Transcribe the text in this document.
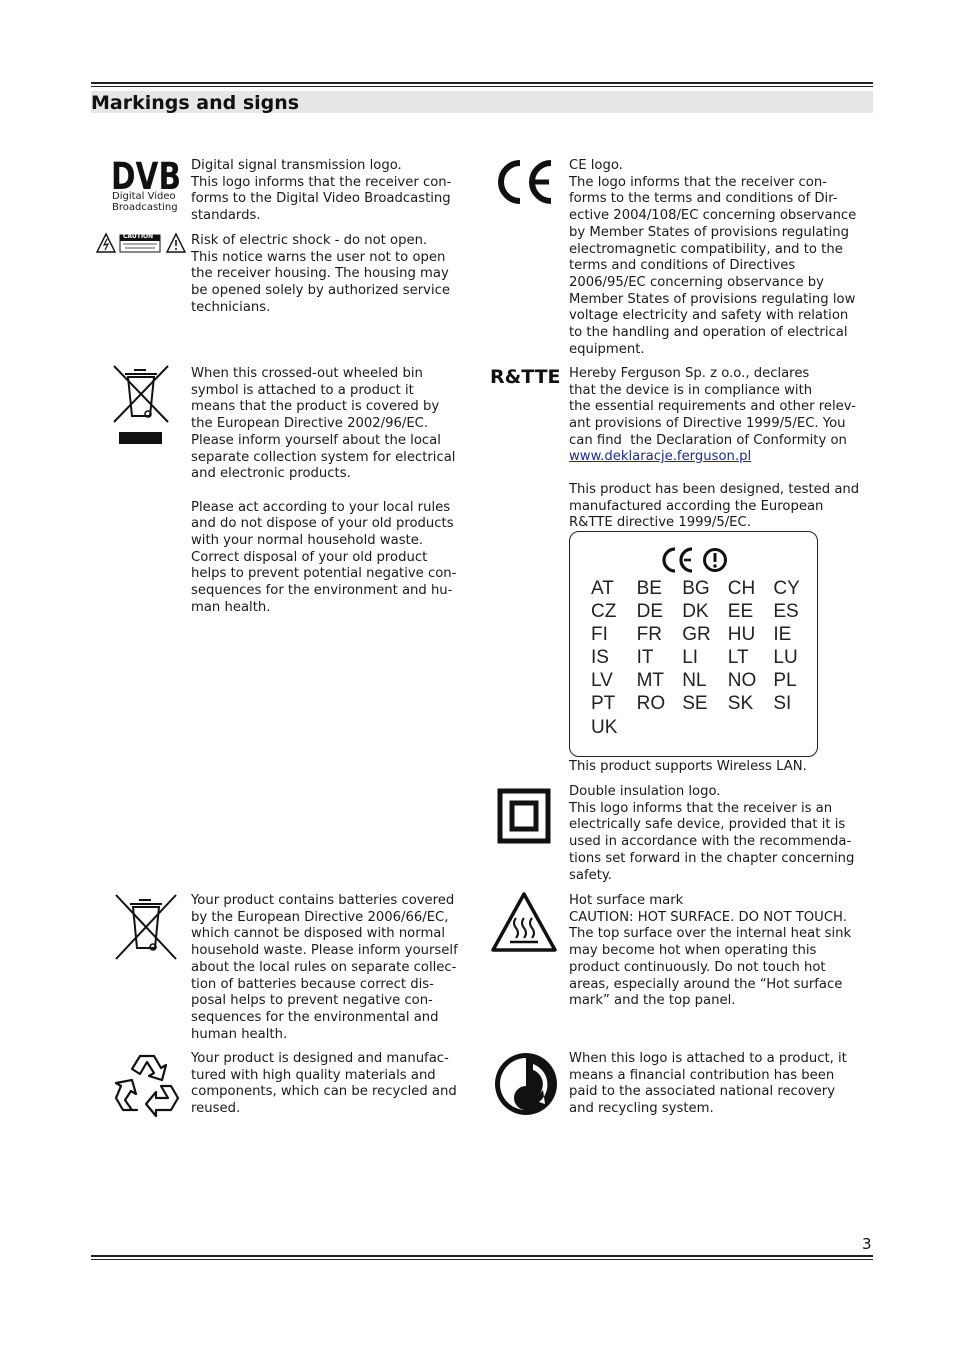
Markings and signs
DVB
Digital Video
Broadcasting
Digital signal transmission logo.
This logo informs that the receiver con-
forms to the Digital Video Broadcasting
standards.
CAUTION	Risk of electric shock - do not open.
This notice warns the user not to open
the receiver housing. The housing may
be opened solely by authorized service
technicians.
When this crossed-out wheeled bin
symbol is attached to a product it
means that the product is covered by
the European Directive 2002/96/EC.
Please inform yourself about the local
separate collection system for electrical
and electronic products.

Please act according to your local rules
and do not dispose of your old products
with your normal household waste.
Correct disposal of your old product
helps to prevent potential negative con-
sequences for the environment and hu-
man health.
Your product contains batteries covered
by the European Directive 2006/66/EC,
which cannot be disposed with normal
household waste. Please inform yourself
about the local rules on separate collec-
tion of batteries because correct dis-
posal helps to prevent negative con-
sequences for the environmental and
human health.
Your product is designed and manufac-
tured with high quality materials and
components, which can be recycled and
reused.
CE logo.
The logo informs that the receiver con-
forms to the terms and conditions of Dir-
ective 2004/108/EC concerning observance
by Member States of provisions regulating
electromagnetic compatibility, and to the
terms and conditions of Directives
2006/95/EC concerning observance by
Member States of provisions regulating low
voltage electricity and safety with relation
to the handling and operation of electrical
equipment.
R&TTE Hereby Ferguson Sp. z o.o., declares
that the device is in compliance with
the essential requirements and other relev-
ant provisions of Directive 1999/5/EC. You
can find  the Declaration of Conformity on
www.deklaracje.ferguson.pl
This product has been designed, tested and
manufactured according the European
R&TTE directive 1999/5/EC.
AT	BE	BG CH CY
CZ	DE	DK	EE	ES
FI	FR	GR HU IE
IS	IT	LI	LT	LU
LV	MT NL	NO PL
PT	RO SE	SK	SI
UK
This product supports Wireless LAN.
Double insulation logo.
This logo informs that the receiver is an
electrically safe device, provided that it is
used in accordance with the recommenda-
tions set forward in the chapter concerning
safety.
Hot surface mark
CAUTION: HOT SURFACE. DO NOT TOUCH.
The top surface over the internal heat sink
may become hot when operating this
product continuously. Do not touch hot
areas, especially around the “Hot surface
mark” and the top panel.
When this logo is attached to a product, it
means a financial contribution has been
paid to the associated national recovery
and recycling system.
3
